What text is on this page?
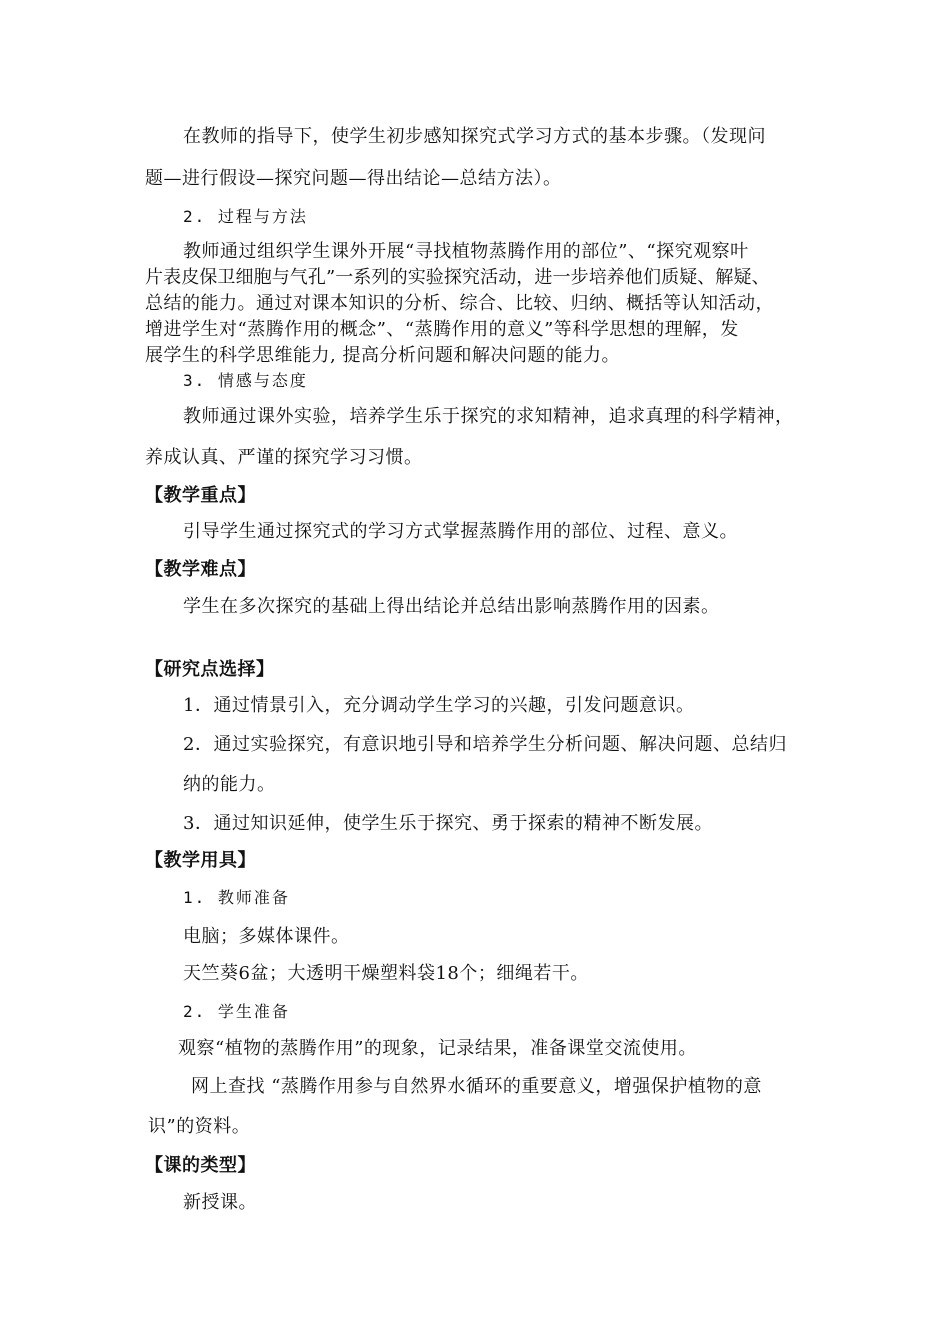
在教师的指导下，使学生初步感知探究式学习方式的基本步骤。（发现问
题—进行假设—探究问题—得出结论—总结方法）。
2. 过程与方法
教师通过组织学生课外开展“寻找植物蒸腾作用的部位”、“探究观察叶
片表皮保卫细胞与气孔”一系列的实验探究活动，进一步培养他们质疑、解疑、
总结的能力。通过对课本知识的分析、综合、比较、归纳、概括等认知活动，
增进学生对“蒸腾作用的概念”、“蒸腾作用的意义”等科学思想的理解，发
展学生的科学思维能力, 提高分析问题和解决问题的能力。
3. 情感与态度
教师通过课外实验，培养学生乐于探究的求知精神，追求真理的科学精神，
养成认真、严谨的探究学习习惯。
【教学重点】
引导学生通过探究式的学习方式掌握蒸腾作用的部位、过程、意义。
【教学难点】
学生在多次探究的基础上得出结论并总结出影响蒸腾作用的因素。
【研究点选择】
1．通过情景引入，充分调动学生学习的兴趣，引发问题意识。
2．通过实验探究，有意识地引导和培养学生分析问题、解决问题、总结归
纳的能力。
3．通过知识延伸，使学生乐于探究、勇于探索的精神不断发展。
【教学用具】
1. 教师准备
电脑；多媒体课件。
天竺葵6盆；大透明干燥塑料袋18个；细绳若干。
2. 学生准备
观察“植物的蒸腾作用”的现象，记录结果，准备课堂交流使用。
网上查找 “蒸腾作用参与自然界水循环的重要意义，增强保护植物的意
识”的资料。
【课的类型】
新授课。
